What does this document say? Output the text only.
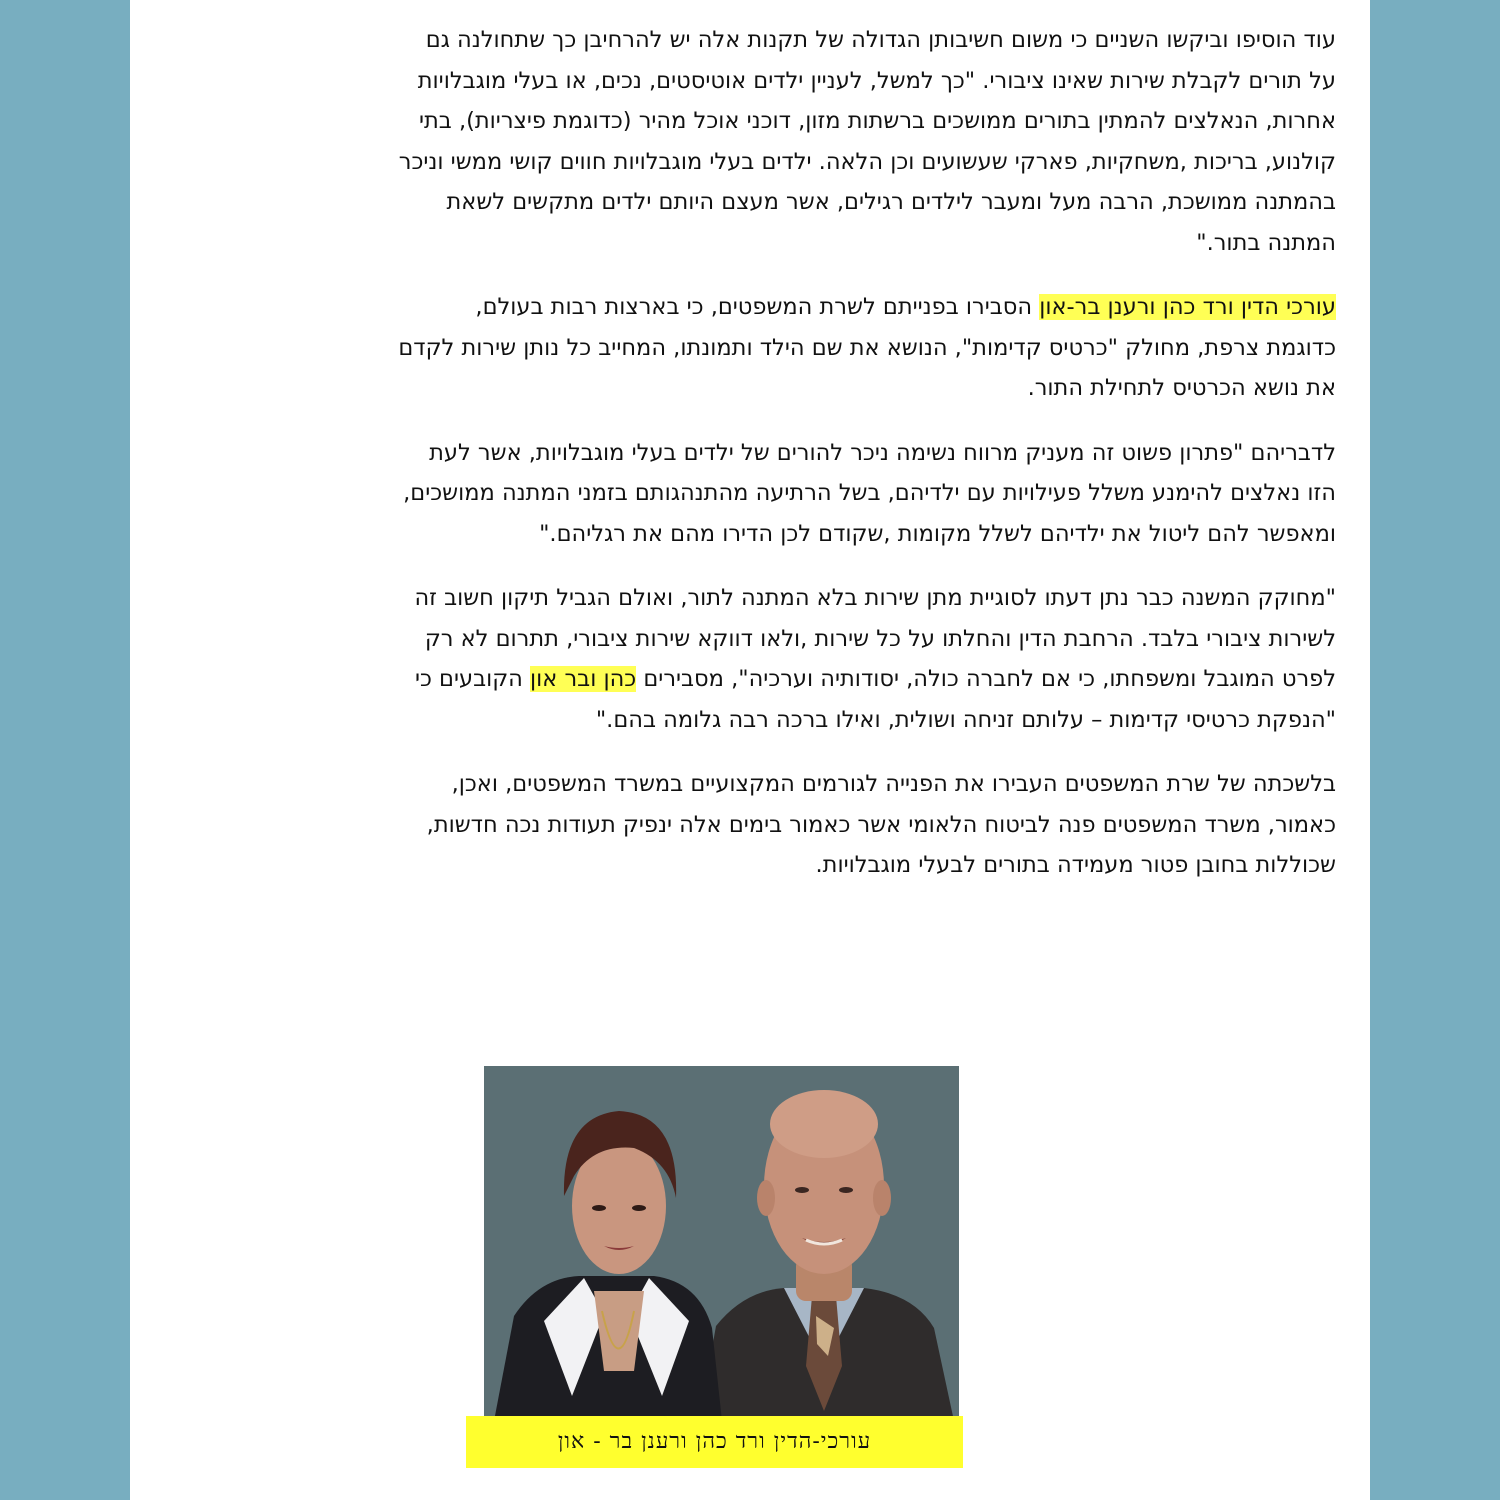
עוד הוסיפו וביקשו השניים כי משום חשיבותן הגדולה של תקנות אלה יש להרחיבן כך שתחולנה גם
על תורים לקבלת שירות שאינו ציבורי. "כך למשל, לעניין ילדים אוטיסטים, נכים, או בעלי מוגבלויות
אחרות, הנאלצים להמתין בתורים ממושכים ברשתות מזון, דוכני אוכל מהיר (כדוגמת פיצריות), בתי
קולנוע, בריכות ,משחקיות, פארקי שעשועים וכן הלאה. ילדים בעלי מוגבלויות חווים קושי ממשי וניכר
בהמתנה ממושכת, הרבה מעל ומעבר לילדים רגילים, אשר מעצם היותם ילדים מתקשים לשאת
המתנה בתור."
עורכי הדין ורד כהן ורענן בר-און הסבירו בפנייתם לשרת המשפטים, כי בארצות רבות בעולם,
כדוגמת צרפת, מחולק "כרטיס קדימות", הנושא את שם הילד ותמונתו, המחייב כל נותן שירות לקדם
את נושא הכרטיס לתחילת התור.
לדבריהם "פתרון פשוט זה מעניק מרווח נשימה ניכר להורים של ילדים בעלי מוגבלויות, אשר לעת
הזו נאלצים להימנע משלל פעילויות עם ילדיהם, בשל הרתיעה מהתנהגותם בזמני המתנה ממושכים,
ומאפשר להם ליטול את ילדיהם לשלל מקומות ,שקודם לכן הדירו מהם את רגליהם."
"מחוקק המשנה כבר נתן דעתו לסוגיית מתן שירות בלא המתנה לתור, ואולם הגביל תיקון חשוב זה
לשירות ציבורי בלבד. הרחבת הדין והחלתו על כל שירות ,ולאו דווקא שירות ציבורי, תתרום לא רק
לפרט המוגבל ומשפחתו, כי אם לחברה כולה, יסודותיה וערכיה", מסבירים כהן ובר און הקובעים כי
"הנפקת כרטיסי קדימות – עלותם זניחה ושולית, ואילו ברכה רבה גלומה בהם."
בלשכתה של שרת המשפטים העבירו את הפנייה לגורמים המקצועיים במשרד המשפטים, ואכן,
כאמור, משרד המשפטים פנה לביטוח הלאומי אשר כאמור בימים אלה ינפיק תעודות נכה חדשות,
שכוללות בחובן פטור מעמידה בתורים לבעלי מוגבלויות.
עורכי-הדין ורד כהן ורענן בר - און
